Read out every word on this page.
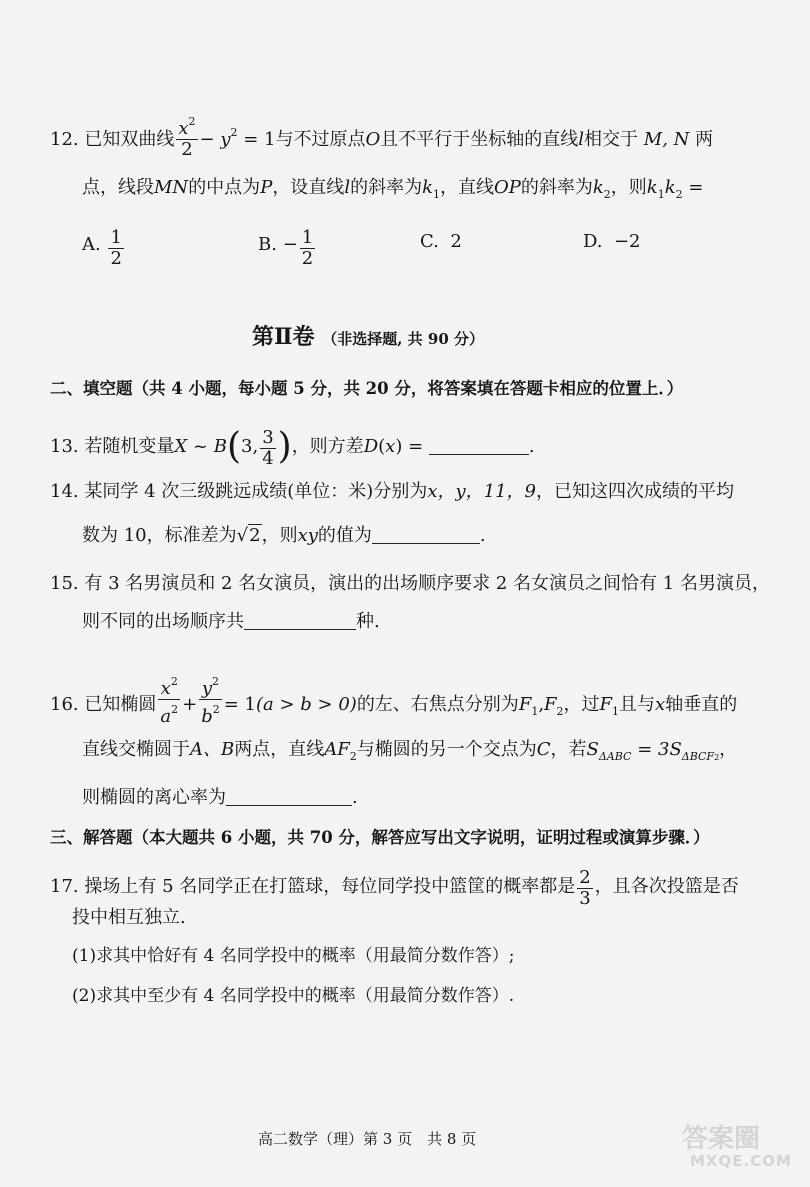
12. 已知双曲线 $\frac{x^2}{2} - y^2 = 1$与不过原点O且不平行于坐标轴的直线l相交于 M, N 两
点，线段MN的中点为P，设直线l的斜率为$k_1$，直线OP的斜率为$k_2$，则$k_1k_2$ =
A. $\frac{1}{2}$	B. − $\frac{1}{2}$	C. 2	D. −2
第Ⅱ卷 （非选择题, 共 90 分）
二、填空题（共 4 小题，每小题 5 分，共 20 分，将答案填在答题卡相应的位置上．）
13. 若随机变量X ~ B(3, $\frac{3}{4}$ )，则方差D(x) =	.
14. 某同学 4 次三级跳远成绩(单位：米)分别为x，y，11，9，已知这四次成绩的平均
数为 10，标准差为√2，则xy的值为	.
15. 有 3 名男演员和 2 名女演员，演出的出场顺序要求 2 名女演员之间恰有 1 名男演员，
则不同的出场顺序共	种.
16. 已知椭圆 $\frac{x^2}{a^2} + \frac{y^2}{b^2} = 1(a > b > 0)$的左、右焦点分别为$F_1,F_2$，过$F_1$且与x轴垂直的
直线交椭圆于A、B两点，直线$AF_2$与椭圆的另一个交点为C，若$S_{\Delta ABC} = 3S_{\Delta BCF2}$，
则椭圆的离心率为	.
三、解答题（本大题共 6 小题，共 70 分，解答应写出文字说明，证明过程或演算步骤．）
17. 操场上有 5 名同学正在打篮球，每位同学投中篮筐的概率都是 $\frac{2}{3}$ ，且各次投篮是否
投中相互独立.
(1)求其中恰好有 4 名同学投中的概率（用最简分数作答）;
(2)求其中至少有 4 名同学投中的概率（用最简分数作答）.
高二数学（理）第 3 页　共 8 页	答案圈
MXQE.COM
